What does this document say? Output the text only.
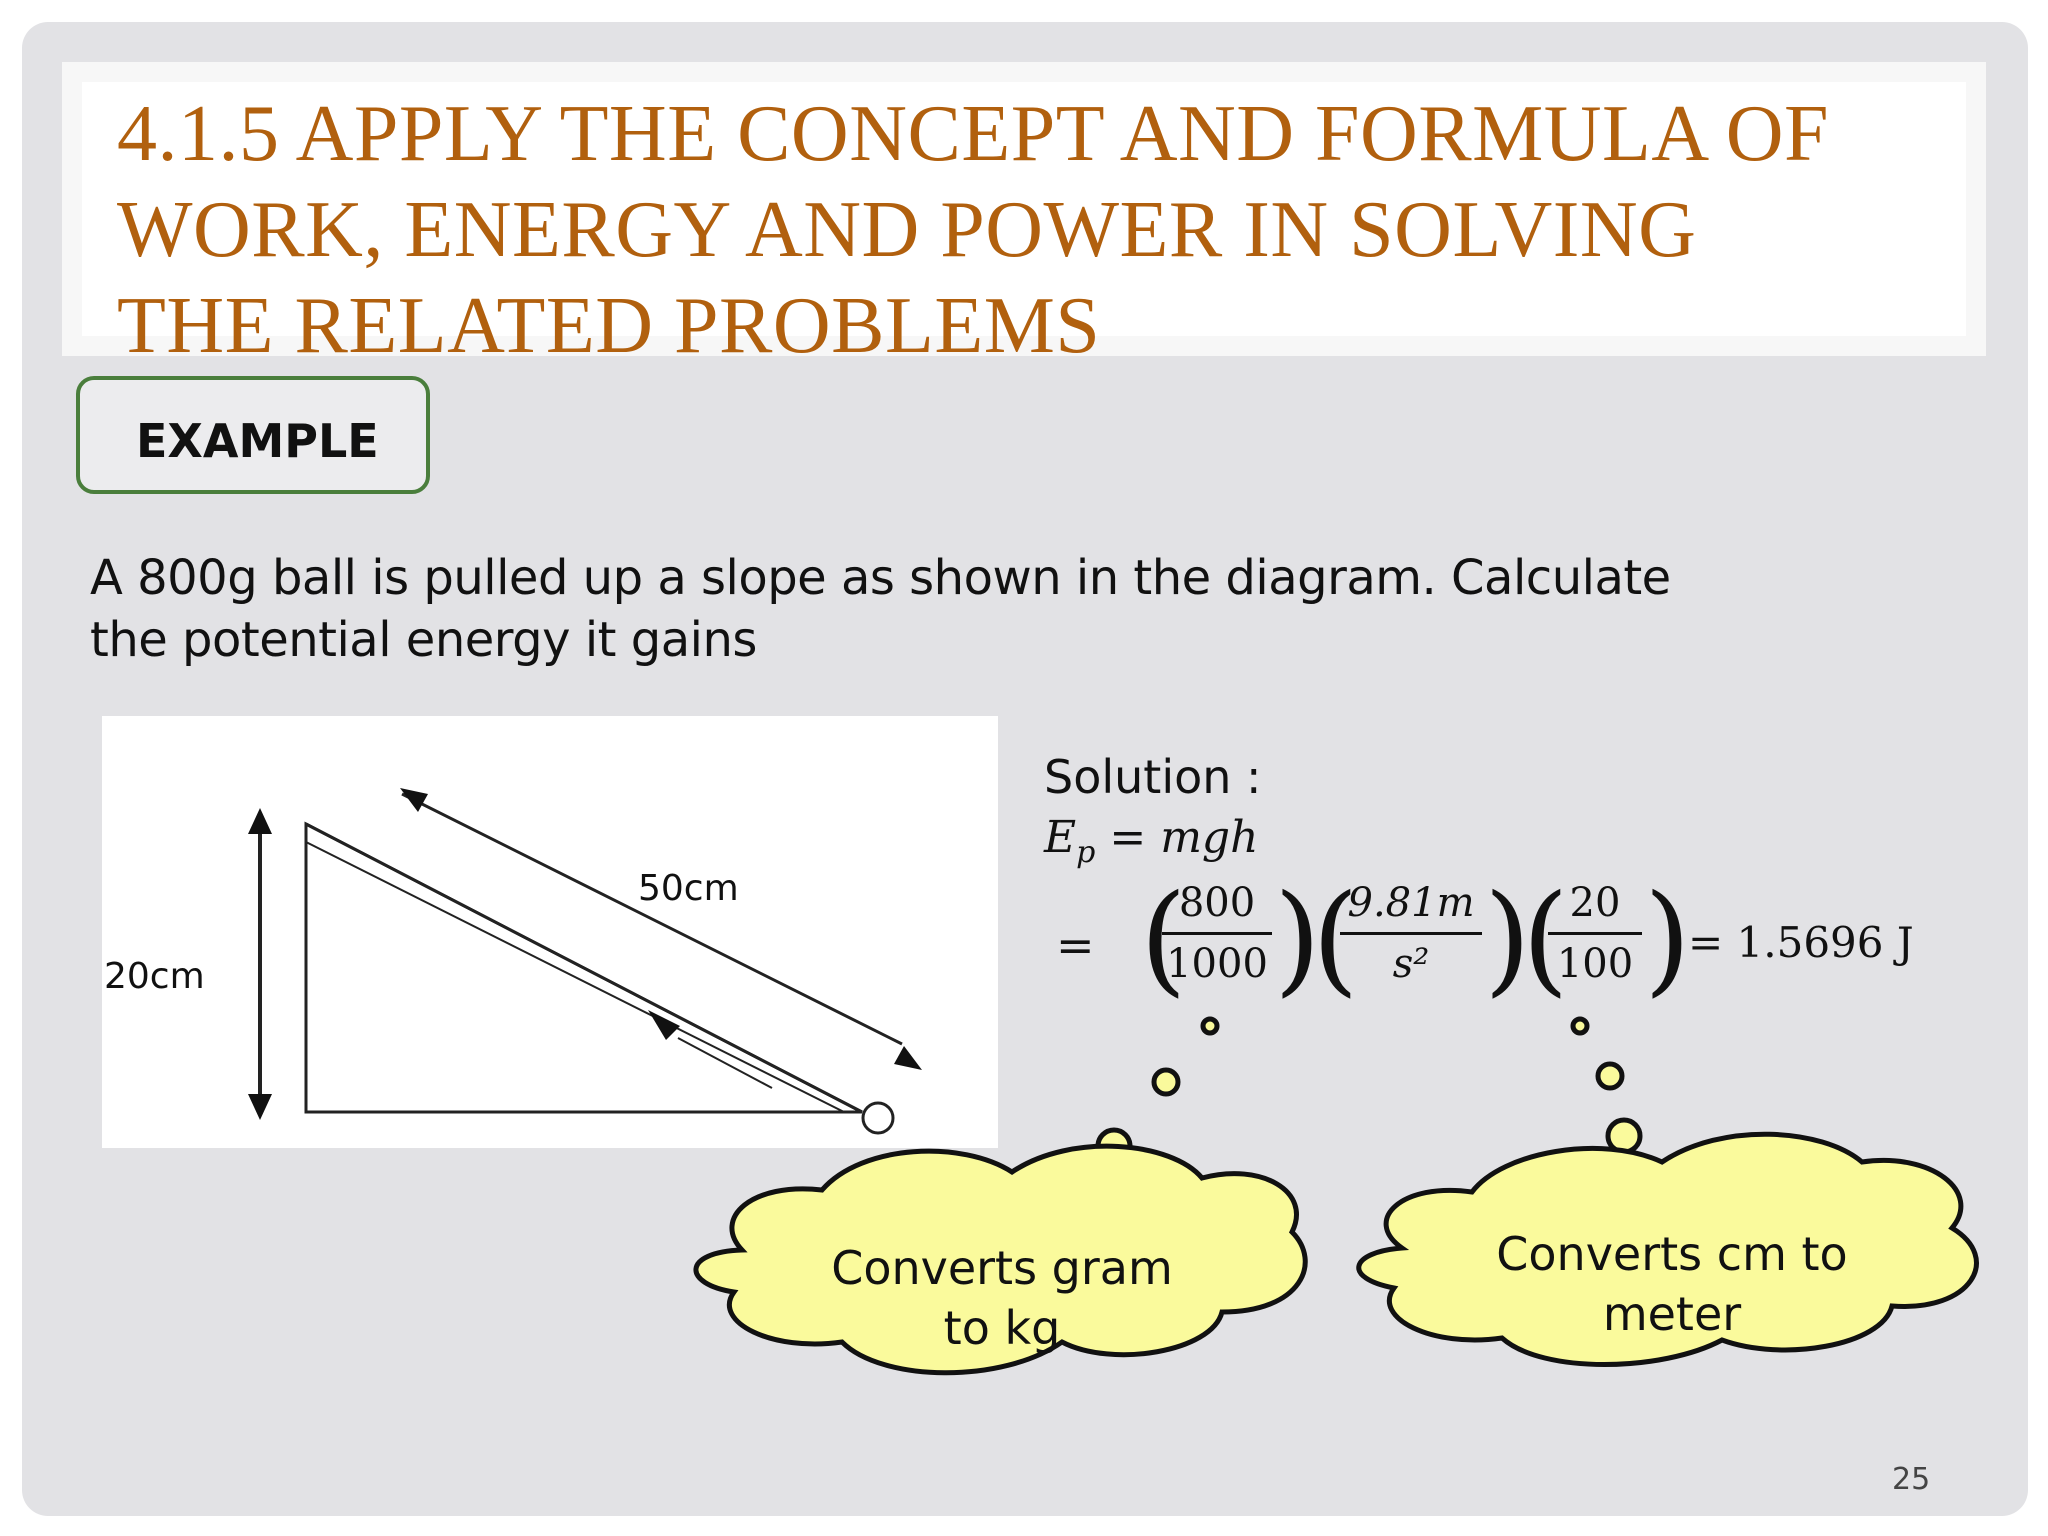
4.1.5 APPLY THE CONCEPT AND FORMULA OF

WORK, ENERGY AND POWER IN SOLVING

THE RELATED PROBLEMS

EXAMPLE

A 800g ball is pulled up a slope as shown in the diagram. Calculate

the potential energy it gains

20cm
50cm
Solution :
$E_p$ = mgh
= (
800
1000 )
(
9.81m
s² )
( 20
100 )
= 1.5696 J
Converts gram
to kg
Converts cm to
meter
25
